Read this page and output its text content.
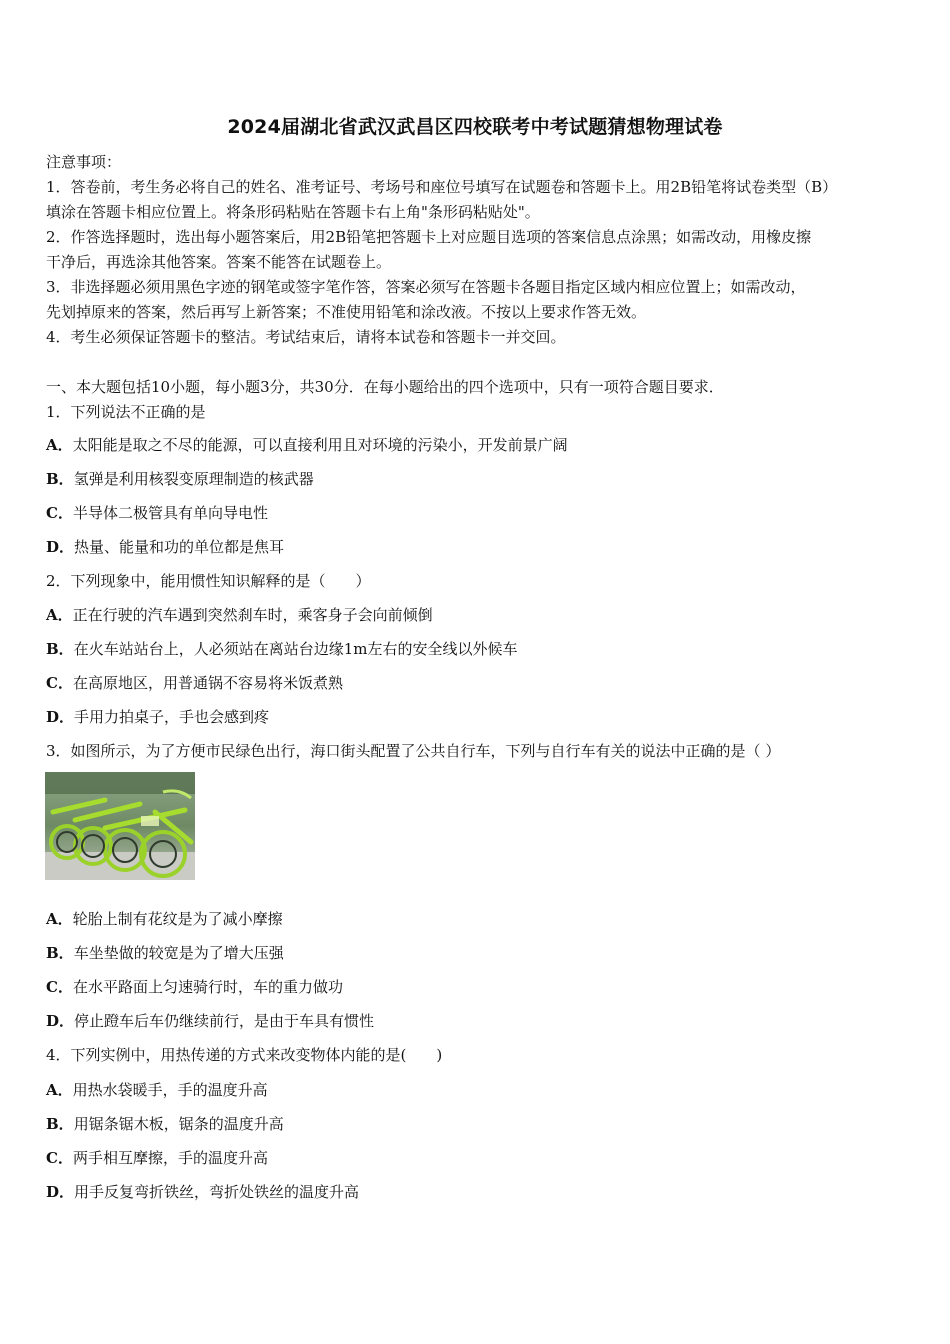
2024届湖北省武汉武昌区四校联考中考试题猜想物理试卷
注意事项：
1．答卷前，考生务必将自己的姓名、准考证号、考场号和座位号填写在试题卷和答题卡上。用2B铅笔将试卷类型（B）
填涂在答题卡相应位置上。将条形码粘贴在答题卡右上角"条形码粘贴处"。
2．作答选择题时，选出每小题答案后，用2B铅笔把答题卡上对应题目选项的答案信息点涂黑；如需改动，用橡皮擦
干净后，再选涂其他答案。答案不能答在试题卷上。
3．非选择题必须用黑色字迹的钢笔或签字笔作答，答案必须写在答题卡各题目指定区域内相应位置上；如需改动，
先划掉原来的答案，然后再写上新答案；不准使用铅笔和涂改液。不按以上要求作答无效。
4．考生必须保证答题卡的整洁。考试结束后，请将本试卷和答题卡一并交回。
一、本大题包括10小题，每小题3分，共30分．在每小题给出的四个选项中，只有一项符合题目要求．
1．下列说法不正确的是
A．太阳能是取之不尽的能源，可以直接利用且对环境的污染小，开发前景广阔
B．氢弹是利用核裂变原理制造的核武器
C．半导体二极管具有单向导电性
D．热量、能量和功的单位都是焦耳
2．下列现象中，能用惯性知识解释的是（　　）
A．正在行驶的汽车遇到突然刹车时，乘客身子会向前倾倒
B．在火车站站台上，人必须站在离站台边缘1m左右的安全线以外候车
C．在高原地区，用普通锅不容易将米饭煮熟
D．手用力拍桌子，手也会感到疼
3．如图所示，为了方便市民绿色出行，海口街头配置了公共自行车，下列与自行车有关的说法中正确的是（ ）
A．轮胎上制有花纹是为了减小摩擦
B．车坐垫做的较宽是为了增大压强
C．在水平路面上匀速骑行时，车的重力做功
D．停止蹬车后车仍继续前行，是由于车具有惯性
4．下列实例中，用热传递的方式来改变物体内能的是(　　)
A．用热水袋暖手，手的温度升高
B．用锯条锯木板，锯条的温度升高
C．两手相互摩擦，手的温度升高
D．用手反复弯折铁丝，弯折处铁丝的温度升高
